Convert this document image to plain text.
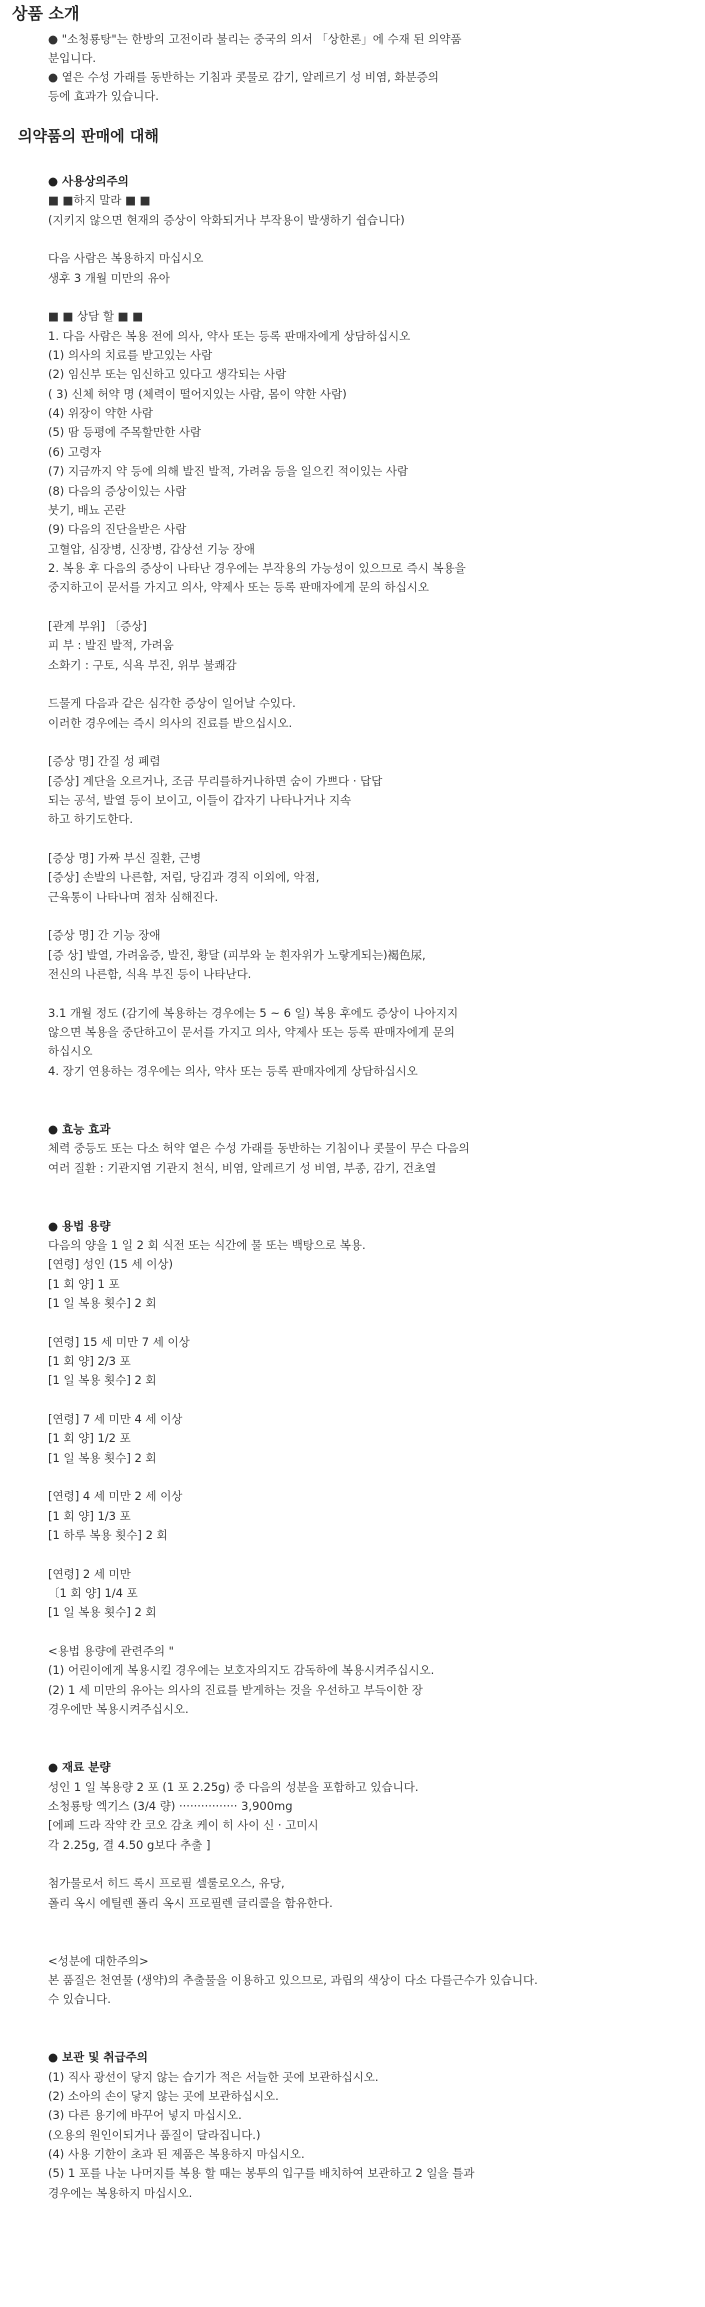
상품 소개
● "소청룡탕"는 한방의 고전이라 불리는 중국의 의서 「상한론」에 수재 된 의약품
분입니다.
● 옅은 수성 가래를 동반하는 기침과 콧물로 감기, 알레르기 성 비염, 화분증의
등에 효과가 있습니다.
의약품의 판매에 대해
● 사용상의주의
■ ■하지 말라 ■ ■
(지키지 않으면 현재의 증상이 악화되거나 부작용이 발생하기 쉽습니다)
다음 사람은 복용하지 마십시오
생후 3 개월 미만의 유아
■ ■ 상담 할 ■ ■
1. 다음 사람은 복용 전에 의사, 약사 또는 등록 판매자에게 상담하십시오
(1) 의사의 치료를 받고있는 사람
(2) 임신부 또는 임신하고 있다고 생각되는 사람
( 3) 신체 허약 명 (체력이 떨어지있는 사람, 몸이 약한 사람)
(4) 위장이 약한 사람
(5) 땀 등평에 주목할만한 사람
(6) 고령자
(7) 지금까지 약 등에 의해 발진 발적, 가려움 등을 일으킨 적이있는 사람
(8) 다음의 증상이있는 사람
붓기, 배뇨 곤란
(9) 다음의 진단을받은 사람
고혈압, 심장병, 신장병, 갑상선 기능 장애
2. 복용 후 다음의 증상이 나타난 경우에는 부작용의 가능성이 있으므로 즉시 복용을
중지하고이 문서를 가지고 의사, 약제사 또는 등록 판매자에게 문의 하십시오
[관계 부위] 〔증상]
피 부 : 발진 발적, 가려움
소화기 : 구토, 식욕 부진, 위부 불쾌감
드물게 다음과 같은 심각한 증상이 일어날 수있다.
이러한 경우에는 즉시 의사의 진료를 받으십시오.
[증상 명] 간질 성 폐렴
[증상] 계단을 오르거나, 조금 무리를하거나하면 숨이 가쁘다 · 답답
되는 공석, 발열 등이 보이고, 이들이 갑자기 나타나거나 지속
하고 하기도한다.
[증상 명] 가짜 부신 질환, 근병
[증상] 손발의 나른함, 저림, 당김과 경직 이외에, 악점,
근육통이 나타나며 점차 심해진다.
[증상 명] 간 기능 장애
[증 상] 발열, 가려움증, 발진, 황달 (피부와 눈 흰자위가 노랗게되는)褐色尿,
전신의 나른함, 식욕 부진 등이 나타난다.
3.1 개월 정도 (감기에 복용하는 경우에는 5 ~ 6 일) 복용 후에도 증상이 나아지지
않으면 복용을 중단하고이 문서를 가지고 의사, 약제사 또는 등록 판매자에게 문의
하십시오
4. 장기 연용하는 경우에는 의사, 약사 또는 등록 판매자에게 상담하십시오
● 효능 효과
체력 중등도 또는 다소 허약 옅은 수성 가래를 동반하는 기침이나 콧물이 무슨 다음의
여러 질환 : 기관지염 기관지 천식, 비염, 알레르기 성 비염, 부종, 감기, 건초열
● 용법 용량
다음의 양을 1 일 2 회 식전 또는 식간에 물 또는 백탕으로 복용.
[연령] 성인 (15 세 이상)
[1 회 양] 1 포
[1 일 복용 횟수] 2 회
[연령] 15 세 미만 7 세 이상
[1 회 양] 2/3 포
[1 일 복용 횟수] 2 회
[연령] 7 세 미만 4 세 이상
[1 회 양] 1/2 포
[1 일 복용 횟수] 2 회
[연령] 4 세 미만 2 세 이상
[1 회 양] 1/3 포
[1 하루 복용 횟수] 2 회
[연령] 2 세 미만
〔1 회 양] 1/4 포
[1 일 복용 횟수] 2 회
<용법 용량에 관련주의 "
(1) 어린이에게 복용시킬 경우에는 보호자의지도 감독하에 복용시켜주십시오.
(2) 1 세 미만의 유아는 의사의 진료를 받게하는 것을 우선하고 부득이한 장
경우에만 복용시켜주십시오.
● 재료 분량
성인 1 일 복용량 2 포 (1 포 2.25g) 중 다음의 성분을 포함하고 있습니다.
소청룡탕 엑기스 (3/4 량) ················ 3,900mg
[에페 드라 작약 칸 코오 감초 케이 히 사이 신 · 고미시
각 2.25g, 결 4.50 g보다 추출 ]
첨가물로서 히드 록시 프로필 셀룰로오스, 유당,
폴리 옥시 에틸렌 폴리 옥시 프로필렌 글리콜을 함유한다.
<성분에 대한주의>
본 품질은 천연물 (생약)의 추출물을 이용하고 있으므로, 과립의 색상이 다소 다를근수가 있습니다.
수 있습니다.
● 보관 및 취급주의
(1) 직사 광선이 닿지 않는 습기가 적은 서늘한 곳에 보관하십시오.
(2) 소아의 손이 닿지 않는 곳에 보관하십시오.
(3) 다른 용기에 바꾸어 넣지 마십시오.
(오용의 원인이되거나 품질이 달라집니다.)
(4) 사용 기한이 초과 된 제품은 복용하지 마십시오.
(5) 1 포를 나눈 나머지를 복용 할 때는 봉투의 입구를 배치하여 보관하고 2 일을 틀과
경우에는 복용하지 마십시오.
